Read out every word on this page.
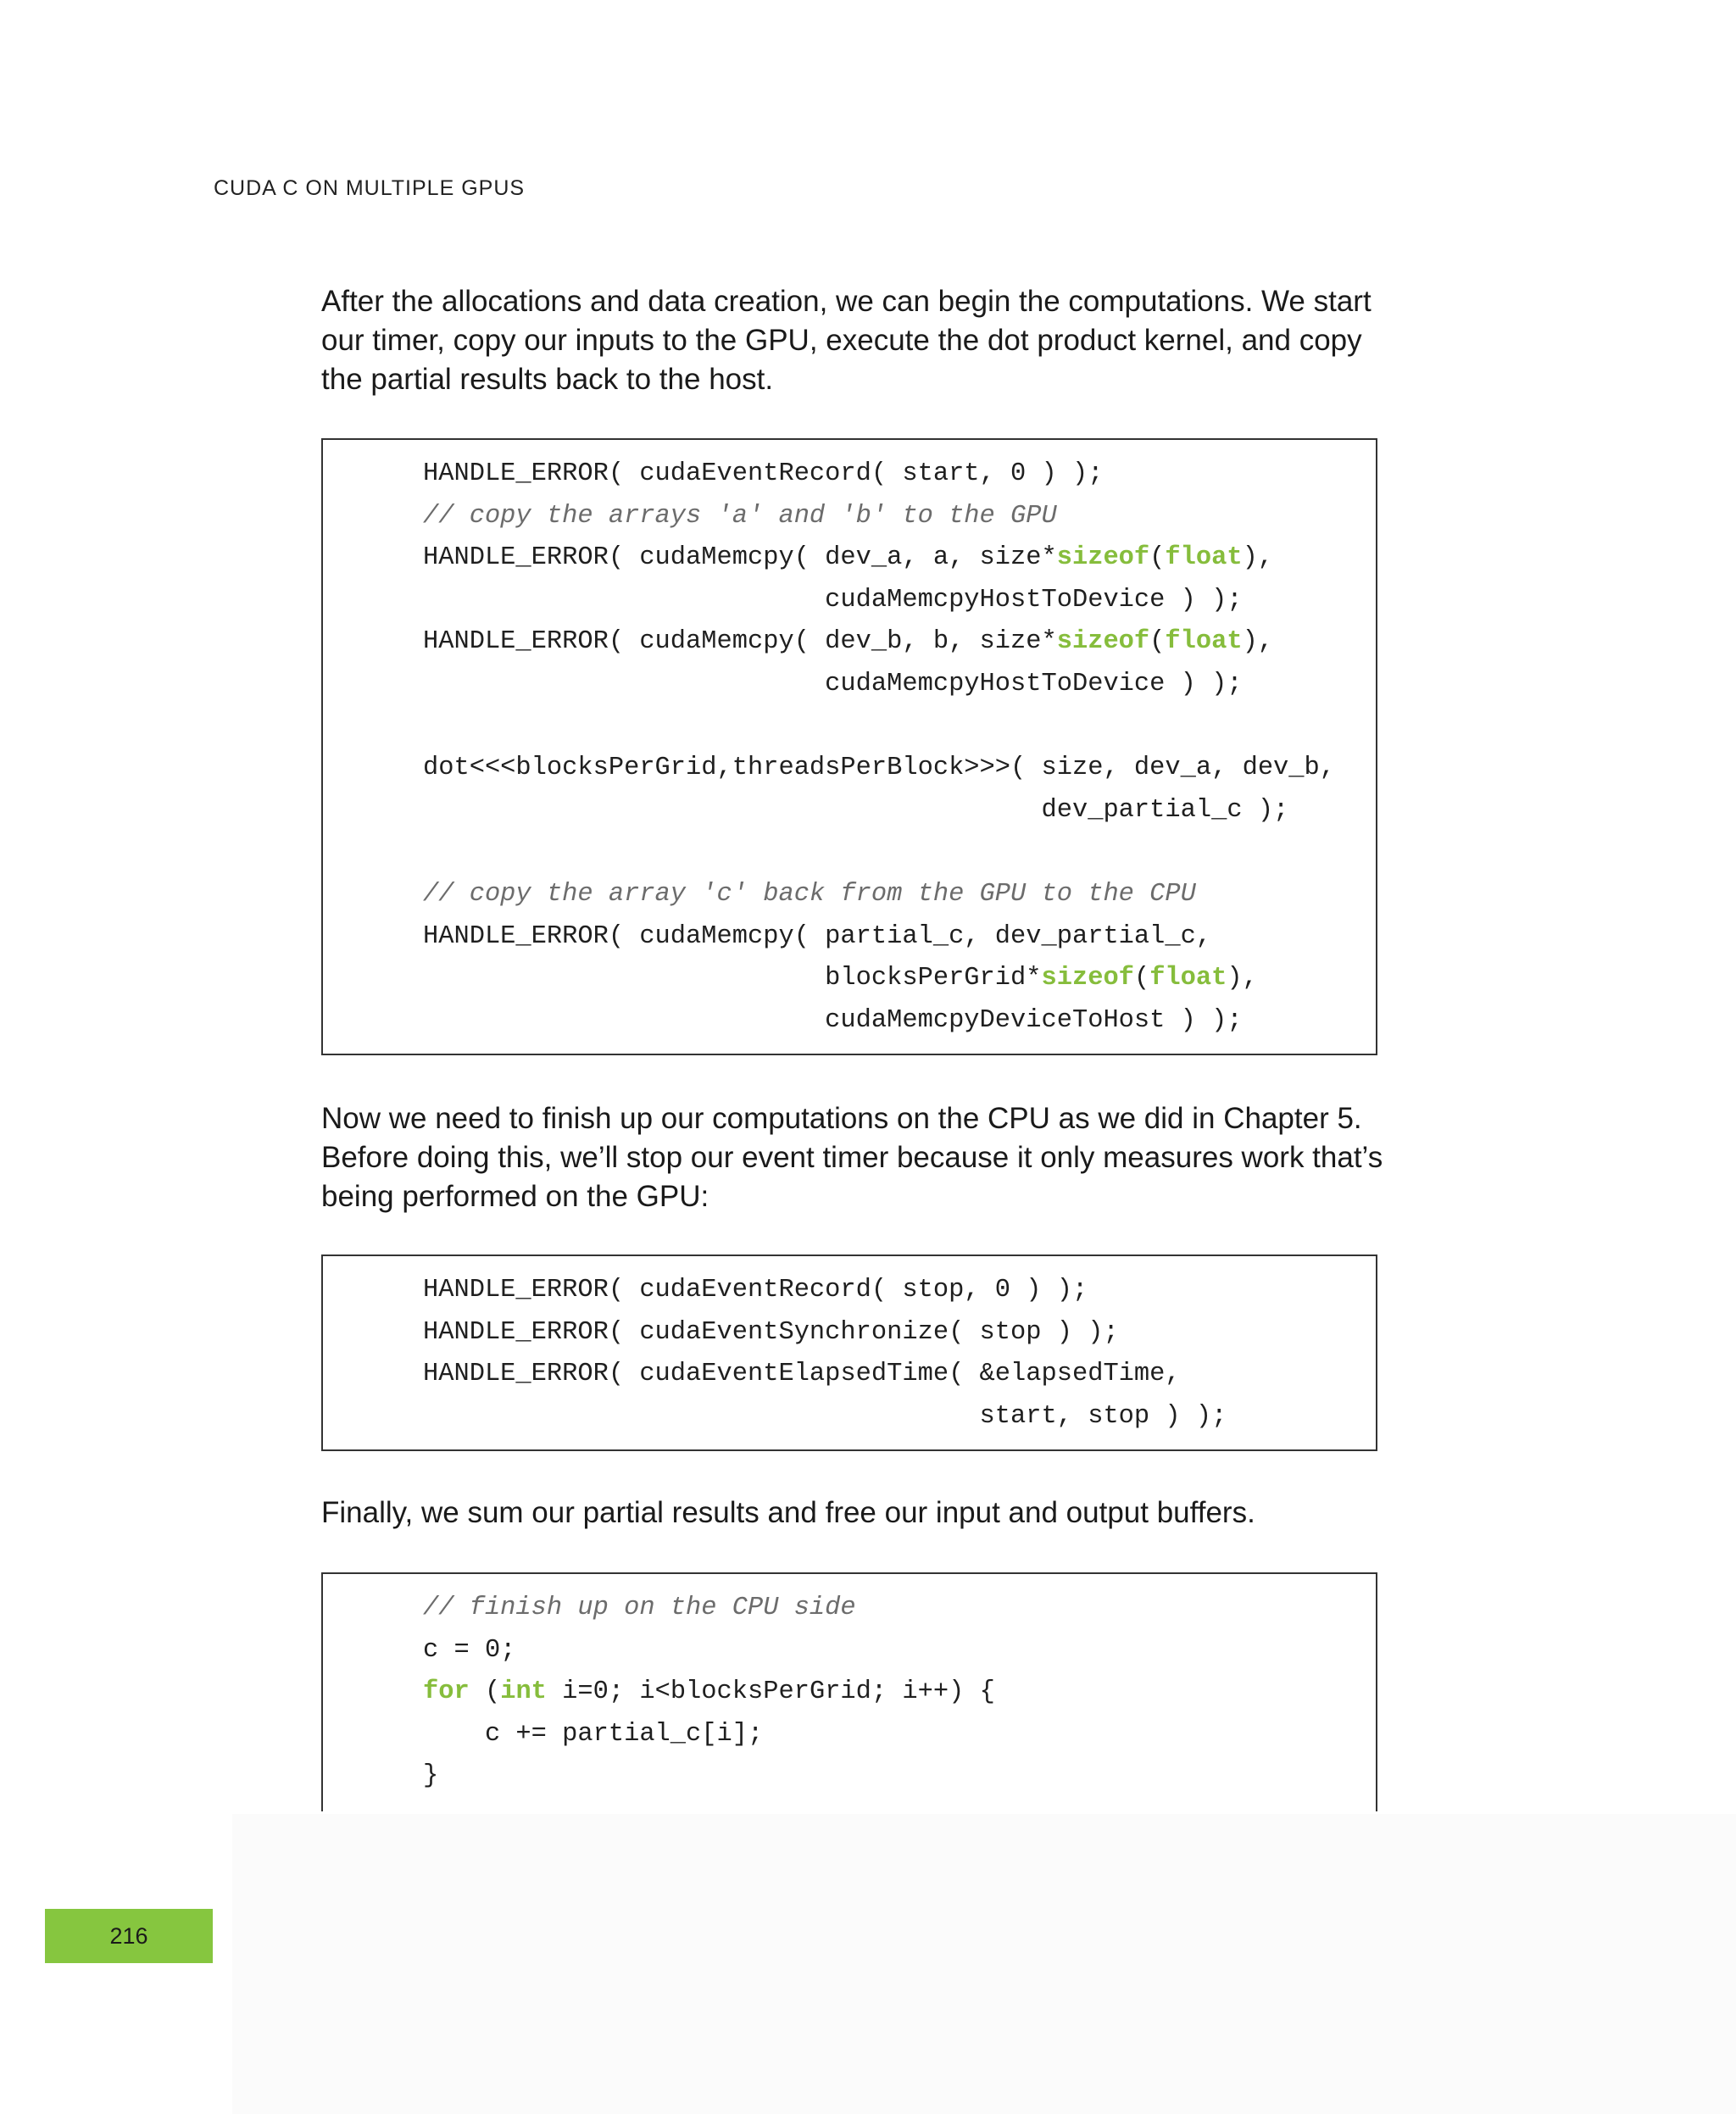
CUDA C ON MULTIPLE GPUS

After the allocations and data creation, we can begin the computations. We start our timer, copy our inputs to the GPU, execute the dot product kernel, and copy the partial results back to the host.

HANDLE_ERROR( cudaEventRecord( start, 0 ) );
// copy the arrays 'a' and 'b' to the GPU
HANDLE_ERROR( cudaMemcpy( dev_a, a, size*sizeof(float),
cudaMemcpyHostToDevice ) );
HANDLE_ERROR( cudaMemcpy( dev_b, b, size*sizeof(float),
cudaMemcpyHostToDevice ) );
dot<<<blocksPerGrid,threadsPerBlock>>>( size, dev_a, dev_b,
dev_partial_c );
// copy the array 'c' back from the GPU to the CPU
HANDLE_ERROR( cudaMemcpy( partial_c, dev_partial_c,
blocksPerGrid*sizeof(float),
cudaMemcpyDeviceToHost ) );

Now we need to finish up our computations on the CPU as we did in Chapter 5. Before doing this, we’ll stop our event timer because it only measures work that’s being performed on the GPU:

HANDLE_ERROR( cudaEventRecord( stop, 0 ) );
HANDLE_ERROR( cudaEventSynchronize( stop ) );
HANDLE_ERROR( cudaEventElapsedTime( &elapsedTime,
start, stop ) );

Finally, we sum our partial results and free our input and output buffers.

// finish up on the CPU side
c = 0;
for (int i=0; i<blocksPerGrid; i++) {
c += partial_c[i];
}
216
